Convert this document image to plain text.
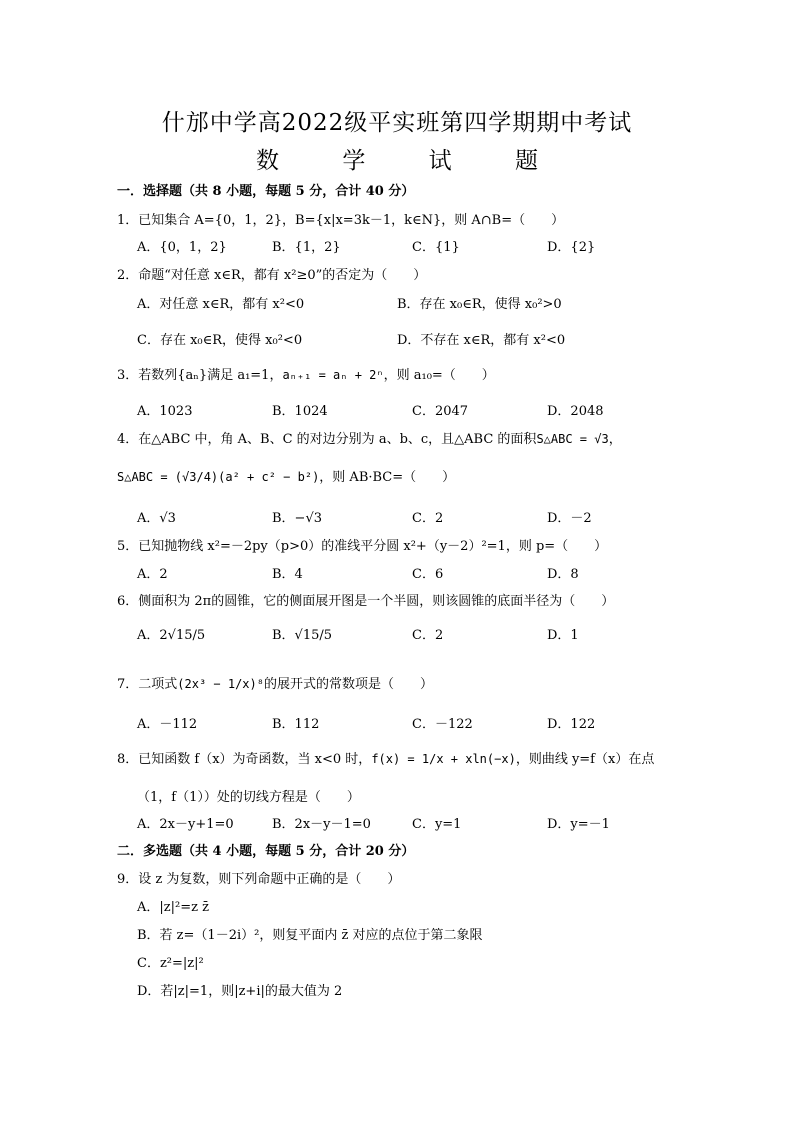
什邡中学高2022级平实班第四学期期中考试
数 学 试 题
一．选择题（共 8 小题，每题 5 分，合计 40 分）
1．已知集合 A={0，1，2}，B={x|x=3k－1，k∈N}，则 A∩B=（　　）
A．{0，1，2}	B．{1，2}	C．{1}	D．{2}
2．命题“对任意 x∈R，都有 x²≥0”的否定为（　　）
A．对任意 x∈R，都有 x²<0	B．存在 x₀∈R，使得 x₀²>0
C．存在 x₀∈R，使得 x₀²<0	D．不存在 x∈R，都有 x²<0
3．若数列{aₙ}满足 a₁=1，aₙ₊₁ = aₙ + 2ⁿ，则 a₁₀=（　　）
A．1023	B．1024	C．2047	D．2048
4．在△ABC 中，角 A、B、C 的对边分别为 a、b、c，且△ABC 的面积S△ABC = √3，
S△ABC = (√3/4)(a² + c² − b²)，则 AB·BC=（　　）
A．√3	B．−√3	C．2	D．－2
5．已知抛物线 x²=－2py（p>0）的准线平分圆 x²+（y－2）²=1，则 p=（　　）
A．2	B．4	C．6	D．8
6．侧面积为 2π的圆锥，它的侧面展开图是一个半圆，则该圆锥的底面半径为（　　）
A．2√15/5	B．√15/5	C．2	D．1
7．二项式(2x³ − 1/x)⁸的展开式的常数项是（　　）
A．－112	B．112	C．－122	D．122
8．已知函数 f（x）为奇函数，当 x<0 时，f(x) = 1/x + xln(−x)，则曲线 y=f（x）在点
（1，f（1））处的切线方程是（　　）
A．2x－y+1=0	B．2x－y－1=0	C．y=1	D．y=－1
二．多选题（共 4 小题，每题 5 分，合计 20 分）
9．设 z 为复数，则下列命题中正确的是（　　）
A．|z|²=z z̄
B．若 z=（1－2i）²，则复平面内 z̄ 对应的点位于第二象限
C．z²=|z|²
D．若|z|=1，则|z+i|的最大值为 2
